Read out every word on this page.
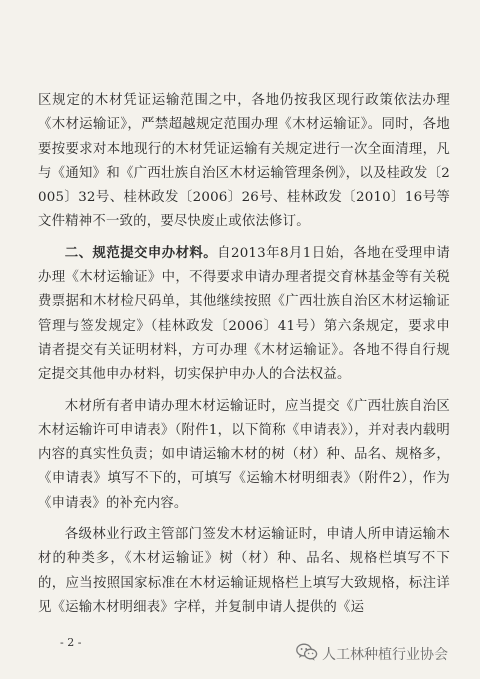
区规定的木材凭证运输范围之中，各地仍按我区现行政策依法办理《木材运输证》，严禁超越规定范围办理《木材运输证》。同时，各地要按要求对本地现行的木材凭证运输有关规定进行一次全面清理，凡与《通知》和《广西壮族自治区木材运输管理条例》，以及桂政发〔2005〕32号、桂林政发〔2006〕26号、桂林政发〔2010〕16号等文件精神不一致的，要尽快废止或依法修订。

二、规范提交申办材料。自2013年8月1日始，各地在受理申请办理《木材运输证》中，不得要求申请办理者提交育林基金等有关税费票据和木材检尺码单，其他继续按照《广西壮族自治区木材运输证管理与签发规定》（桂林政发〔2006〕41号）第六条规定，要求申请者提交有关证明材料，方可办理《木材运输证》。各地不得自行规定提交其他申办材料，切实保护申办人的合法权益。

木材所有者申请办理木材运输证时，应当提交《广西壮族自治区木材运输许可申请表》（附件1，以下简称《申请表》），并对表内载明内容的真实性负责；如申请运输木材的树（材）种、品名、规格多，《申请表》填写不下的，可填写《运输木材明细表》（附件2），作为《申请表》的补充内容。

各级林业行政主管部门签发木材运输证时，申请人所申请运输木材的种类多，《木材运输证》树（材）种、品名、规格栏填写不下的，应当按照国家标准在木材运输证规格栏上填写大致规格，标注详见《运输木材明细表》字样，并复制申请人提供的《运

- 2 -
人工林种植行业协会
